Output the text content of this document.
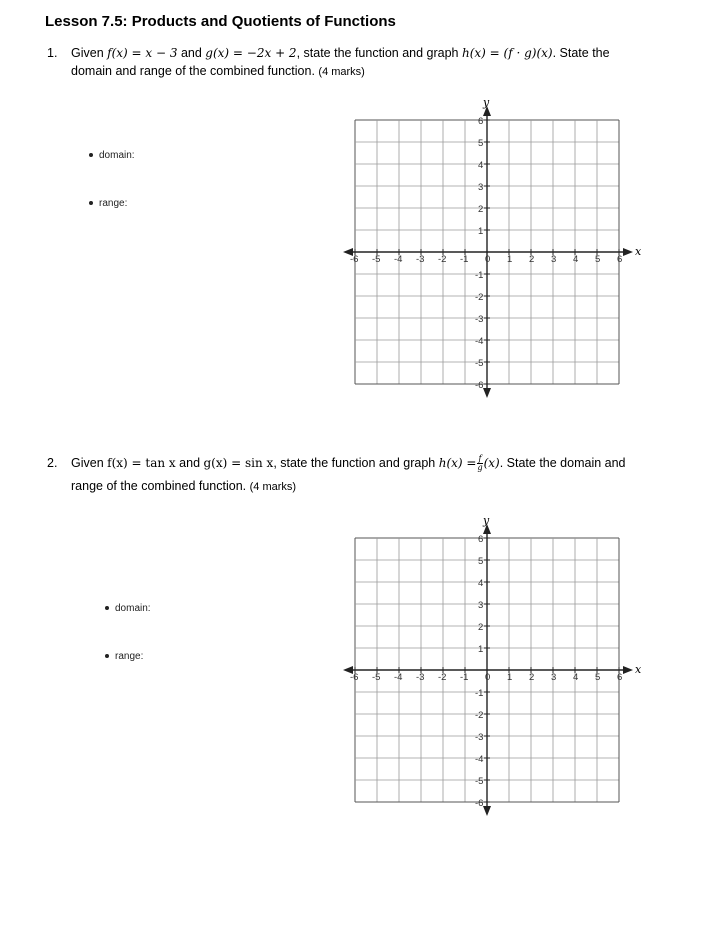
Lesson 7.5: Products and Quotients of Functions
1. Given f(x) = x − 3 and g(x) = −2x + 2, state the function and graph h(x) = (f · g)(x). State the
domain and range of the combined function. (4 marks)
domain:
range:
x
y
-6 -5 -4 -3 -2 -1 0 1 2 3 4 5 6
6
5
4
3
2
1
-1
-2
-3
-4
-5
-6
2. Given f(x) = tan x and g(x) = sin x, state the function and graph $h(x) = \frac{f}{g} (x)$. State the domain and
range of the combined function. (4 marks)
domain:
range:
x
y
-6 -5 -4 -3 -2 -1 0 1 2 3 4 5 6
6
5
4
3
2
1
-1
-2
-3
-4
-5
-6
